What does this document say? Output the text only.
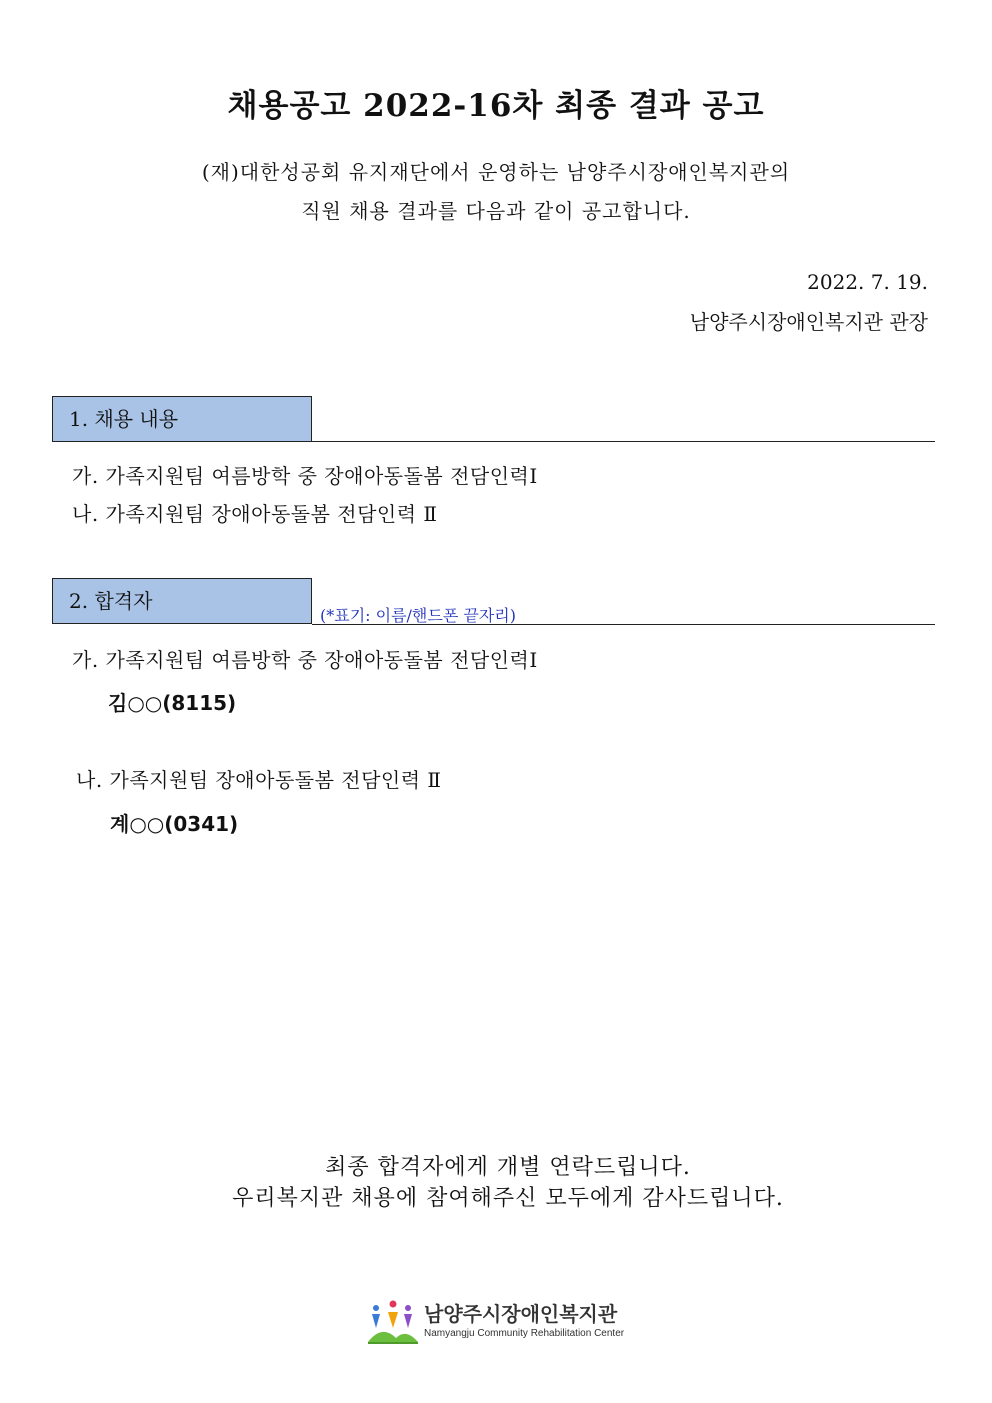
채용공고 2022-16차 최종 결과 공고
(재)대한성공회 유지재단에서 운영하는 남양주시장애인복지관의
직원 채용 결과를 다음과 같이 공고합니다.
2022. 7. 19.
남양주시장애인복지관 관장
1. 채용 내용
가. 가족지원팀 여름방학 중 장애아동돌봄 전담인력Ⅰ
나. 가족지원팀 장애아동돌봄 전담인력 Ⅱ
2. 합격자
(*표기: 이름/핸드폰 끝자리)
가. 가족지원팀 여름방학 중 장애아동돌봄 전담인력Ⅰ
김○○(8115)
나. 가족지원팀 장애아동돌봄 전담인력 Ⅱ
계○○(0341)
최종 합격자에게 개별 연락드립니다.
우리복지관 채용에 참여해주신 모두에게 감사드립니다.
남양주시장애인복지관
Namyangju Community Rehabilitation Center
